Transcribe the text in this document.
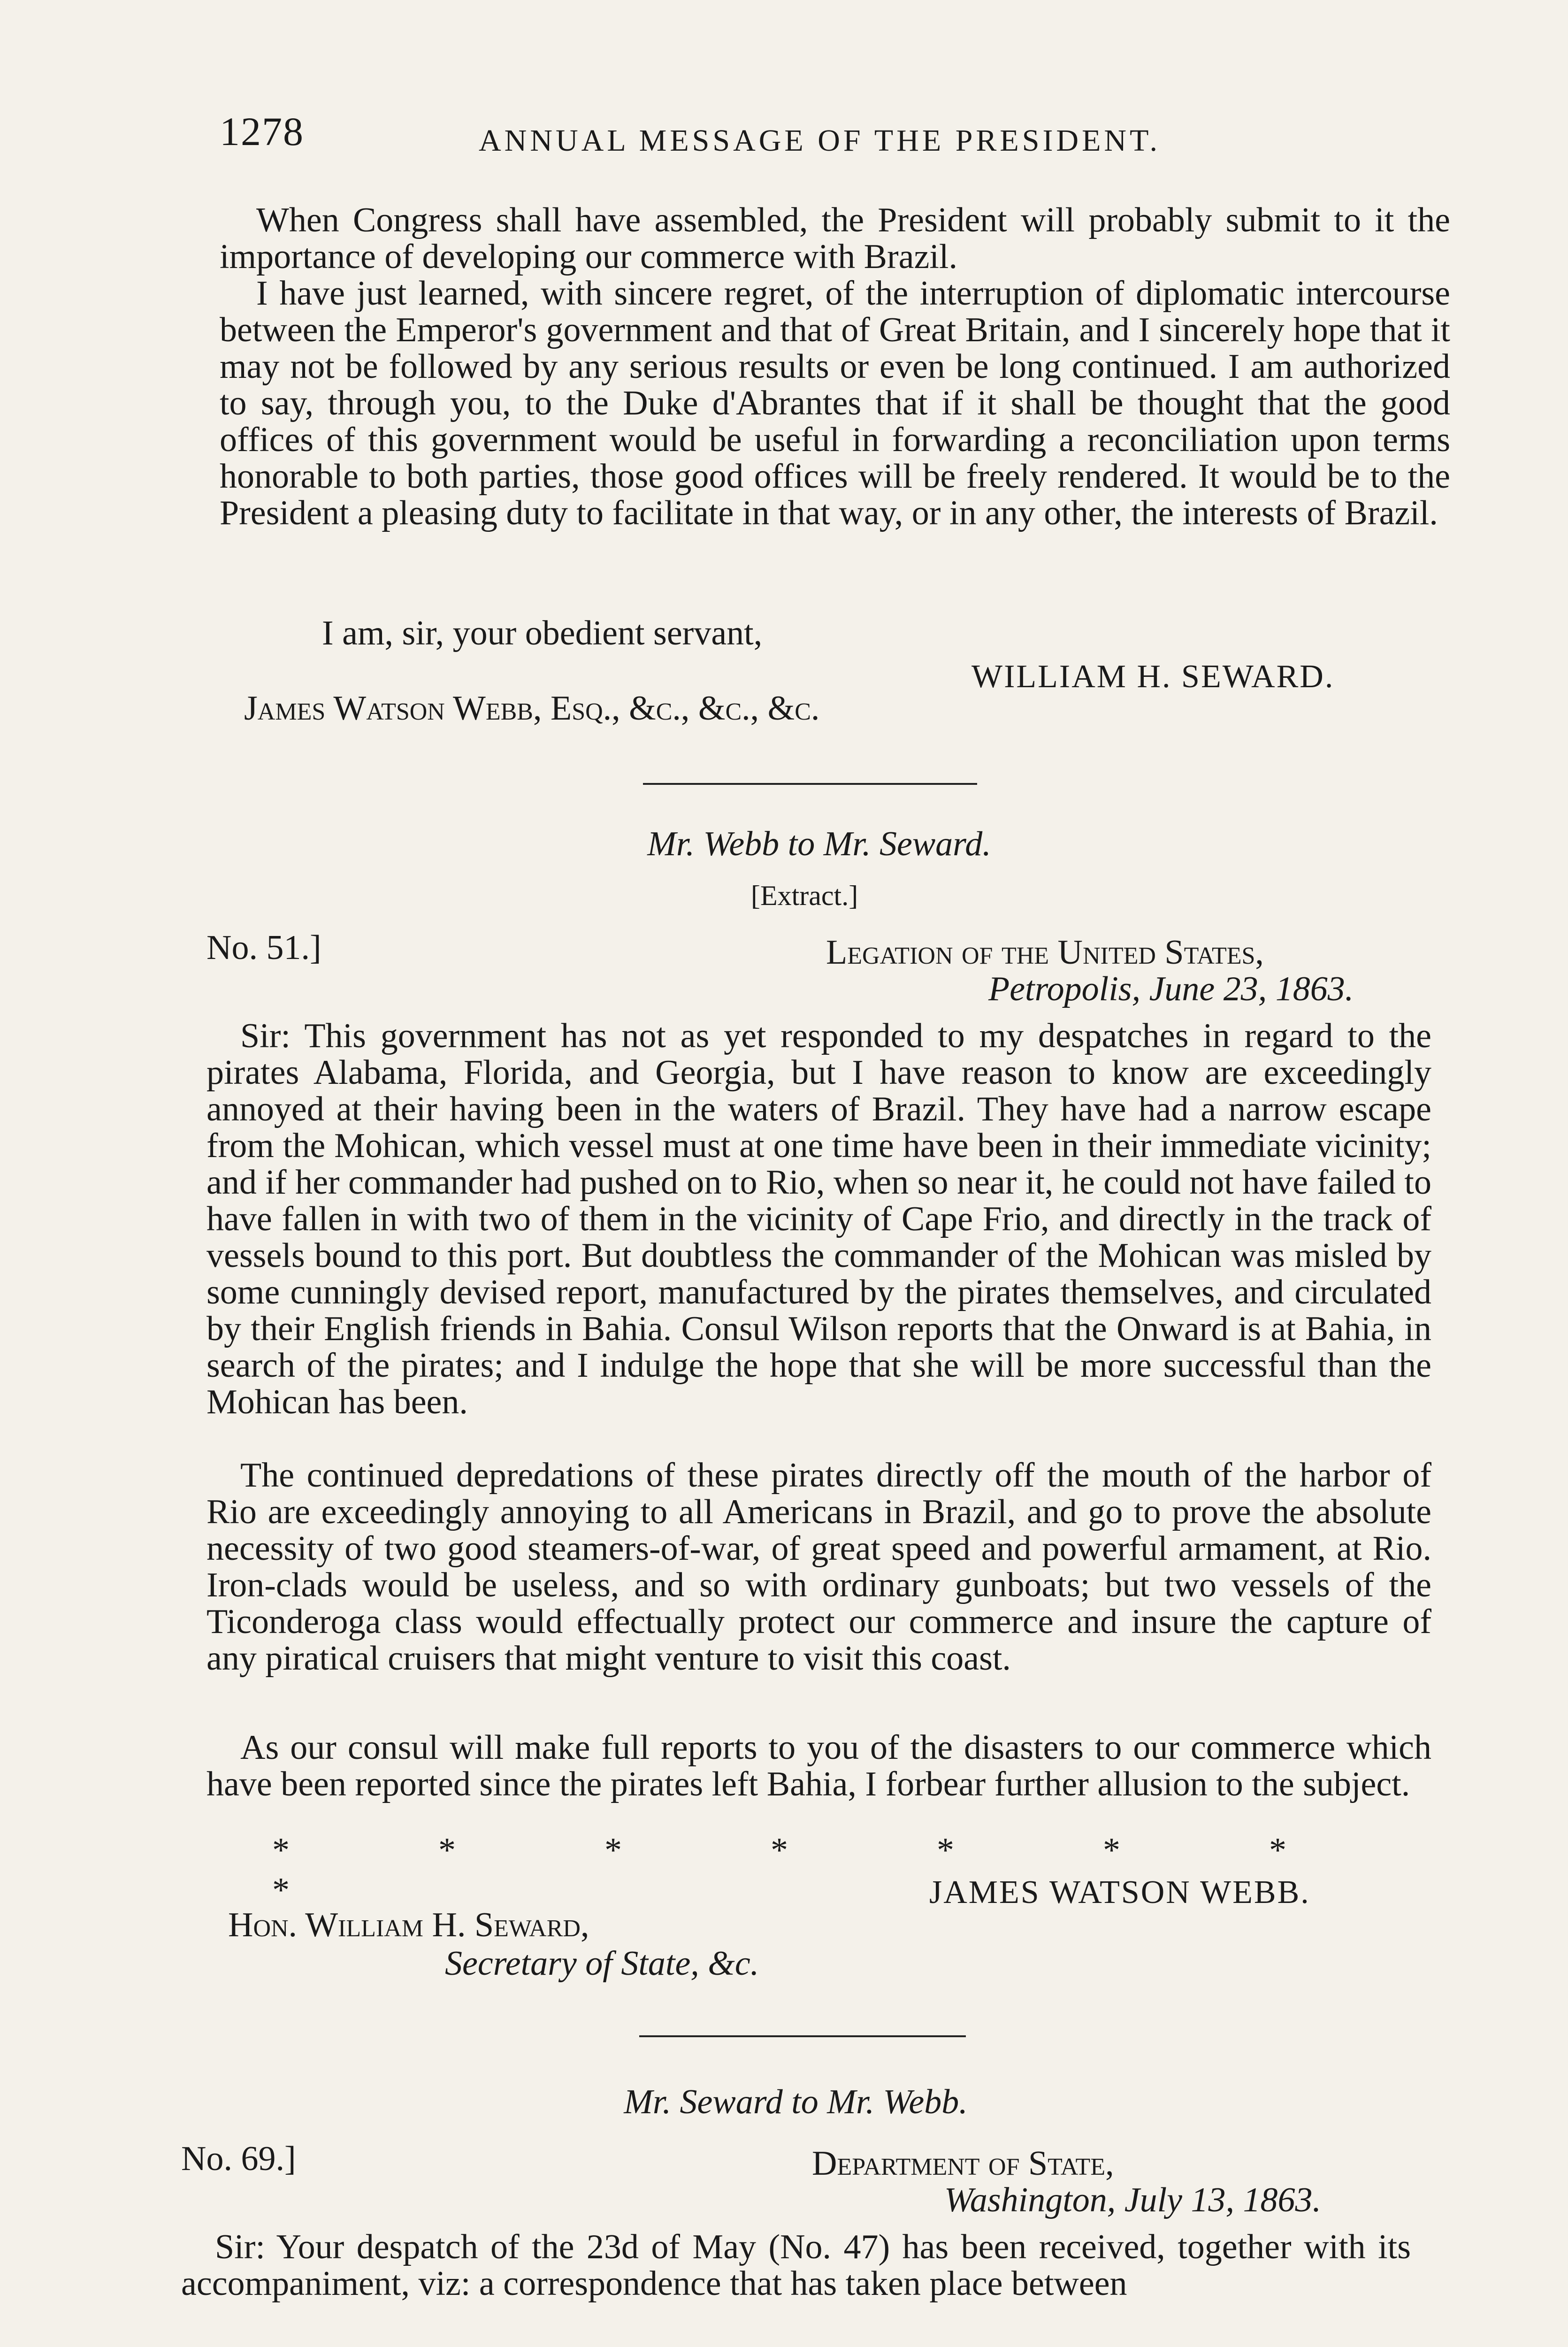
1278	ANNUAL MESSAGE OF THE PRESIDENT.

When Congress shall have assembled, the President will probably submit to it the importance of developing our commerce with Brazil.

I have just learned, with sincere regret, of the interruption of diplomatic intercourse between the Emperor's government and that of Great Britain, and I sincerely hope that it may not be followed by any serious results or even be long continued. I am authorized to say, through you, to the Duke d'Abrantes that if it shall be thought that the good offices of this government would be useful in forwarding a reconciliation upon terms honorable to both parties, those good offices will be freely rendered. It would be to the President a pleasing duty to facilitate in that way, or in any other, the interests of Brazil.

I am, sir, your obedient servant,
WILLIAM H. SEWARD.
James Watson Webb, Esq., &c., &c., &c.
Mr. Webb to Mr. Seward.
[Extract.]
No. 51.]	Legation of the United States,
Petropolis, June 23, 1863.

Sir: This government has not as yet responded to my despatches in regard to the pirates Alabama, Florida, and Georgia, but I have reason to know are exceedingly annoyed at their having been in the waters of Brazil. They have had a narrow escape from the Mohican, which vessel must at one time have been in their immediate vicinity; and if her commander had pushed on to Rio, when so near it, he could not have failed to have fallen in with two of them in the vicinity of Cape Frio, and directly in the track of vessels bound to this port. But doubtless the commander of the Mohican was misled by some cunningly devised report, manufactured by the pirates themselves, and circulated by their English friends in Bahia. Consul Wilson reports that the Onward is at Bahia, in search of the pirates; and I indulge the hope that she will be more successful than the Mohican has been.

The continued depredations of these pirates directly off the mouth of the harbor of Rio are exceedingly annoying to all Americans in Brazil, and go to prove the absolute necessity of two good steamers-of-war, of great speed and powerful armament, at Rio. Iron-clads would be useless, and so with ordinary gunboats; but two vessels of the Ticonderoga class would effectually protect our commerce and insure the capture of any piratical cruisers that might venture to visit this coast.

As our consul will make full reports to you of the disasters to our commerce which have been reported since the pirates left Bahia, I forbear further allusion to the subject.

*	*	*	*	*	*	**	JAMES WATSON WEBB.
Hon. William H. Seward,
Secretary of State, &c.
Mr. Seward to Mr. Webb.
No. 69.]	Department of State,
Washington, July 13, 1863.

Sir: Your despatch of the 23d of May (No. 47) has been received, together with its accompaniment, viz: a correspondence that has taken place between
